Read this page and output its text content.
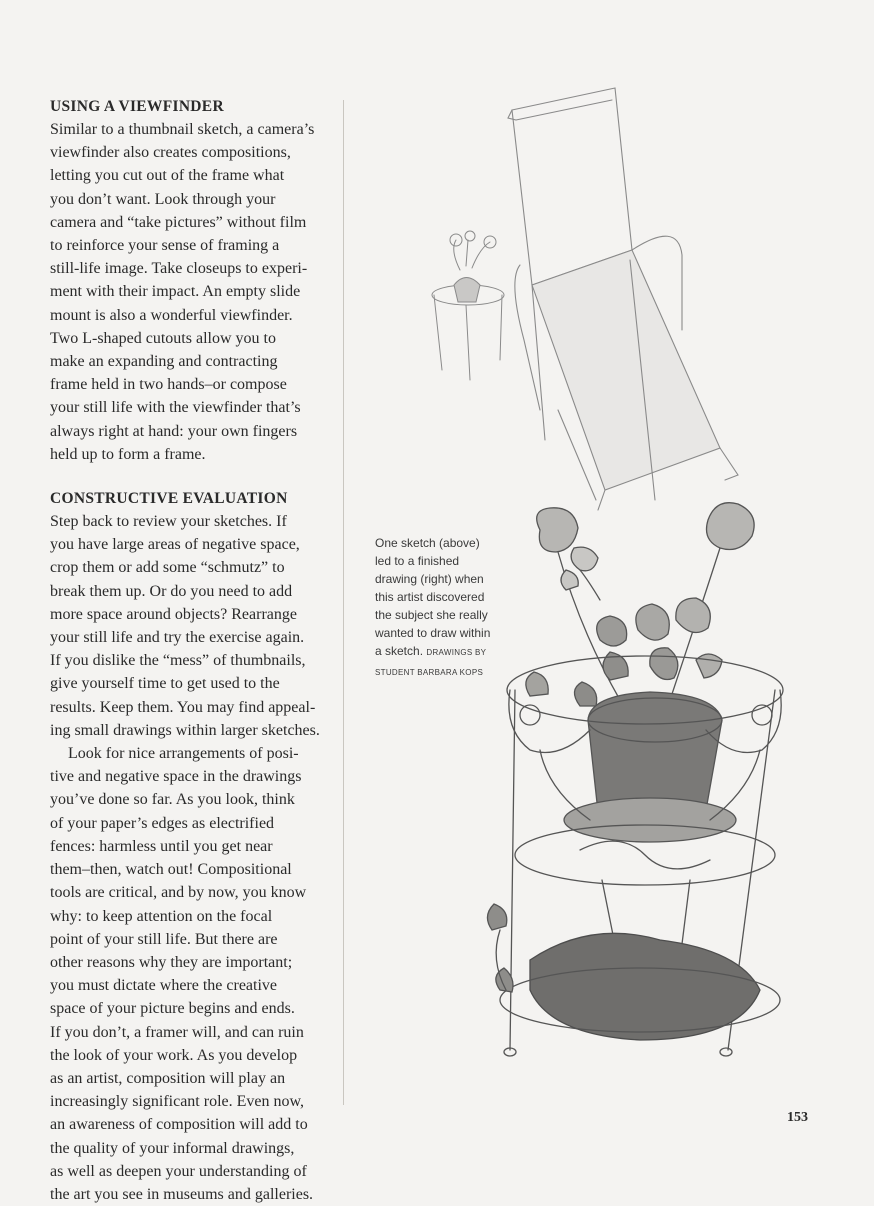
USING A VIEWFINDER

Similar to a thumbnail sketch, a camera’s
viewfinder also creates compositions,
letting you cut out of the frame what
you don’t want. Look through your
camera and “take pictures” without film
to reinforce your sense of framing a
still-life image. Take closeups to experi-
ment with their impact. An empty slide
mount is also a wonderful viewfinder.
Two L-shaped cutouts allow you to
make an expanding and contracting
frame held in two hands–or compose
your still life with the viewfinder that’s
always right at hand: your own fingers
held up to form a frame.

CONSTRUCTIVE EVALUATION

Step back to review your sketches. If
you have large areas of negative space,
crop them or add some “schmutz” to
break them up. Or do you need to add
more space around objects? Rearrange
your still life and try the exercise again.
If you dislike the “mess” of thumbnails,
give yourself time to get used to the
results. Keep them. You may find appeal-
ing small drawings within larger sketches.

Look for nice arrangements of posi-
tive and negative space in the drawings
you’ve done so far. As you look, think
of your paper’s edges as electrified
fences: harmless until you get near
them–then, watch out! Compositional
tools are critical, and by now, you know
why: to keep attention on the focal
point of your still life. But there are
other reasons why they are important;
you must dictate where the creative
space of your picture begins and ends.
If you don’t, a framer will, and can ruin
the look of your work. As you develop
as an artist, composition will play an
increasingly significant role. Even now,
an awareness of composition will add to
the quality of your informal drawings,
as well as deepen your understanding of
the art you see in museums and galleries.

One sketch (above)
led to a finished
drawing (right) when
this artist discovered
the subject she really
wanted to draw within
a sketch. DRAWINGS BY
STUDENT BARBARA KOPS
153
